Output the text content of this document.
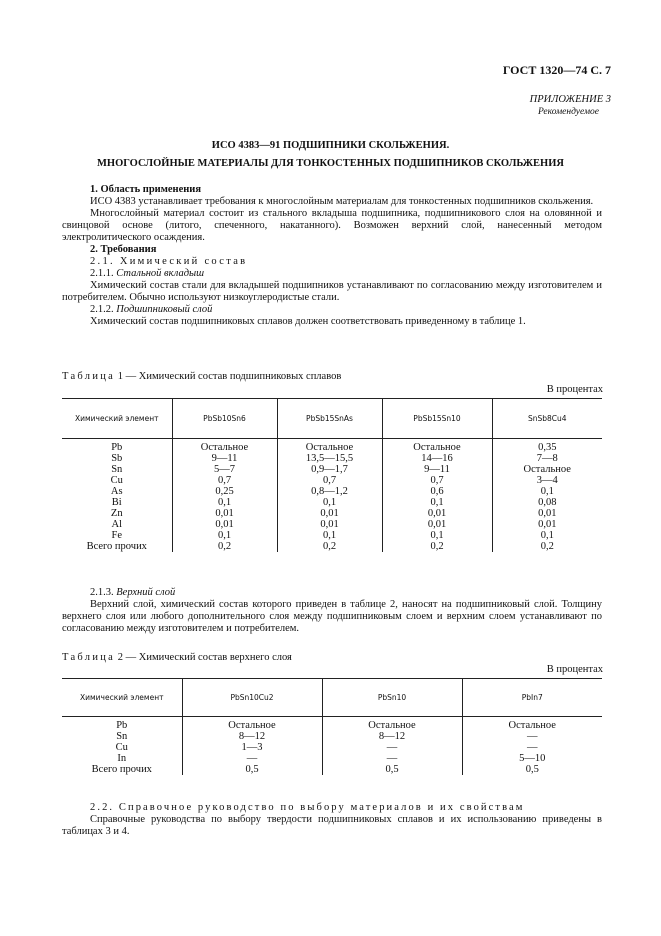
ГОСТ 1320—74 С. 7
ПРИЛОЖЕНИЕ 3
Рекомендуемое
ИСО 4383—91 ПОДШИПНИКИ СКОЛЬЖЕНИЯ.
МНОГОСЛОЙНЫЕ МАТЕРИАЛЫ ДЛЯ ТОНКОСТЕННЫХ ПОДШИПНИКОВ СКОЛЬЖЕНИЯ

1. Область применения

ИСО 4383 устанавливает требования к многослойным материалам для тонкостенных подшипников скольжения.

Многослойный материал состоит из стального вкладыша подшипника, подшипникового слоя на оловянной и свинцовой основе (литого, спеченного, накатанного). Возможен верхний слой, нанесенный методом электролитического осаждения.

2. Требования

2.1. Химический состав

2.1.1. Стальной вкладыш

Химический состав стали для вкладышей подшипников устанавливают по согласованию между изготовителем и потребителем. Обычно используют низкоуглеродистые стали.

2.1.2. Подшипниковый слой

Химический состав подшипниковых сплавов должен соответствовать приведенному в таблице 1.

Таблица 1 — Химический состав подшипниковых сплавов
В процентах
Химический элемент	PbSb10Sn6	PbSb15SnAs	PbSb15Sn10	SnSb8Cu4
Pb	Остальное	Остальное	Остальное	0,35
Sb	9—11	13,5—15,5	14—16	7—8
Sn	5—7	0,9—1,7	9—11	Остальное
Cu	0,7	0,7	0,7	3—4
As	0,25	0,8—1,2	0,6	0,1
Bi	0,1	0,1	0,1	0,08
Zn	0,01	0,01	0,01	0,01
Al	0,01	0,01	0,01	0,01
Fe	0,1	0,1	0,1	0,1
Всего прочих	0,2	0,2	0,2	0,2

2.1.3. Верхний слой

Верхний слой, химический состав которого приведен в таблице 2, наносят на подшипниковый слой. Толщину верхнего слоя или любого дополнительного слоя между подшипниковым слоем и верхним слоем устанавливают по согласованию между изготовителем и потребителем.

Таблица 2 — Химический состав верхнего слоя
В процентах
Химический элемент	PbSn10Cu2	PbSn10	PbIn7
Pb	Остальное	Остальное	Остальное
Sn	8—12	8—12	—
Cu	1—3	—	—
In	—	—	5—10
Всего прочих	0,5	0,5	0,5

2.2. Справочное руководство по выбору материалов и их свойствам

Справочные руководства по выбору твердости подшипниковых сплавов и их использованию приведены в таблицах 3 и 4.
